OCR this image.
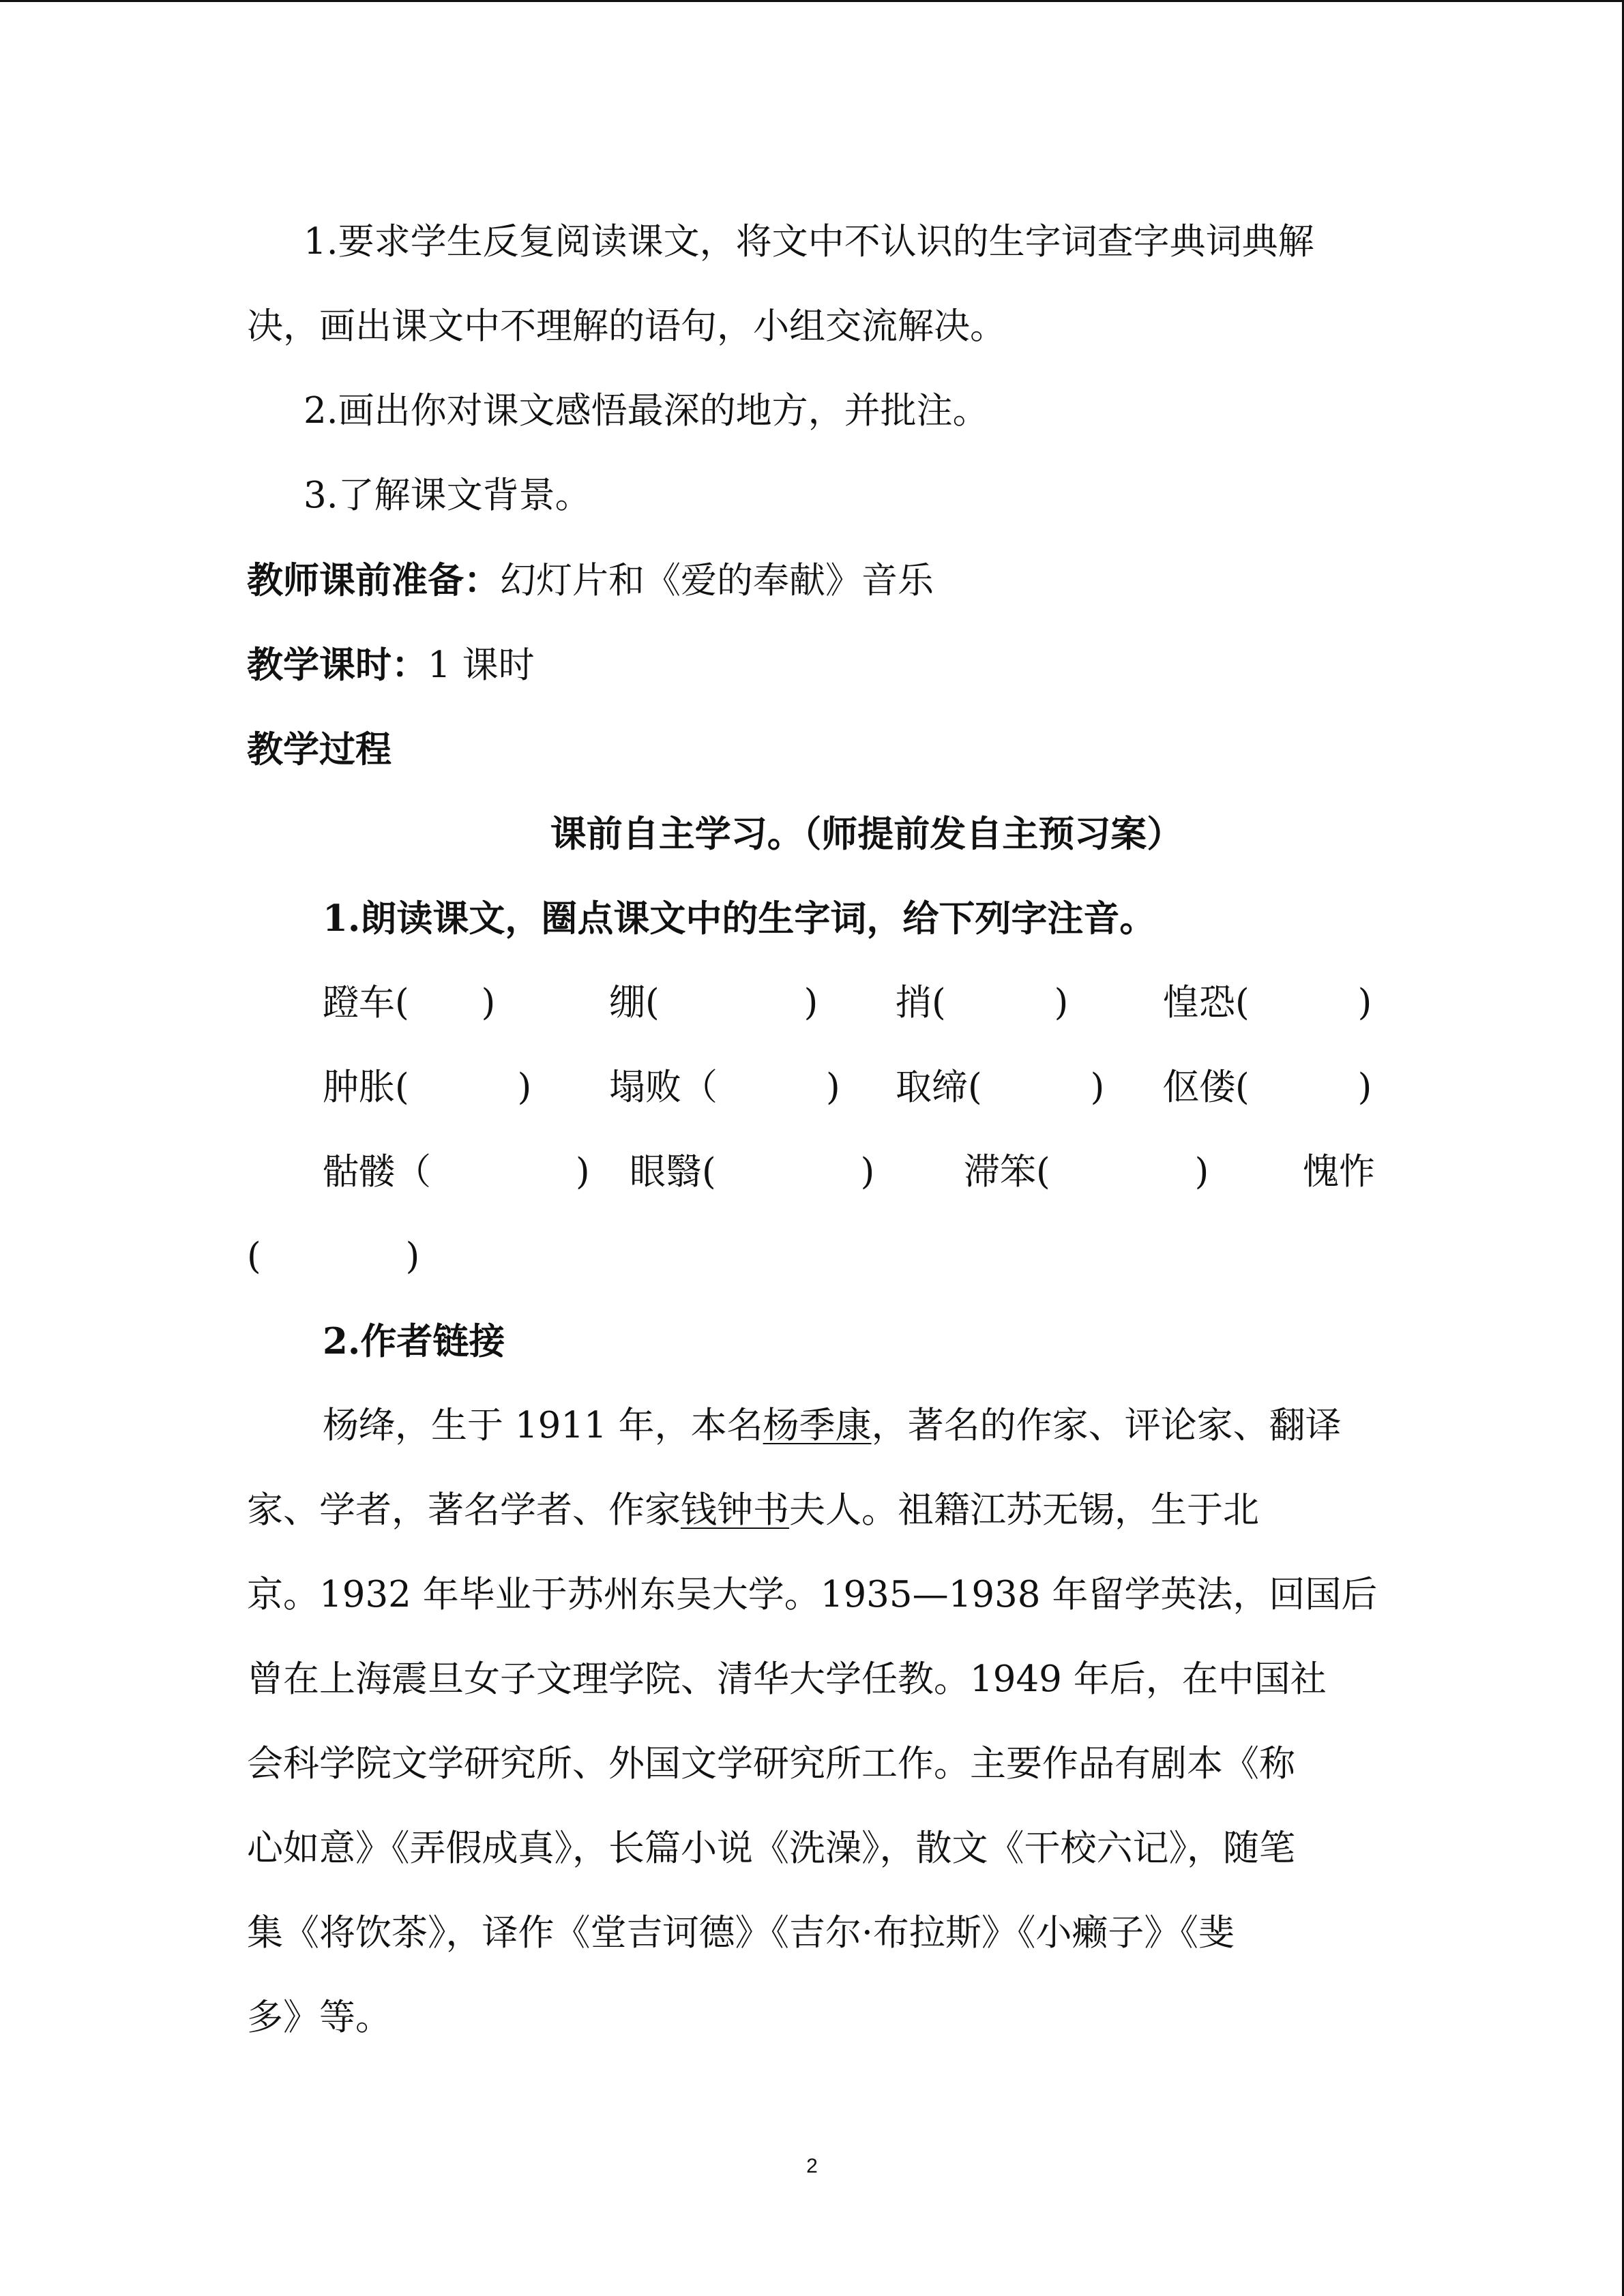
1.要求学生反复阅读课文，将文中不认识的生字词查字典词典解
决，画出课文中不理解的语句，小组交流解决。
2.画出你对课文感悟最深的地方，并批注。
3.了解课文背景。
教师课前准备：幻灯片和《爱的奉献》音乐
教学课时：1 课时
教学过程
课前自主学习。（师提前发自主预习案）
1.朗读课文，圈点课文中的生字词，给下列字注音。
蹬车(　　)	绷(　　　　) 捎(　　　)	惶恐(　　　)
肿胀(　　　) 塌败（　　　) 取缔(　　　) 伛偻(　　　)
骷髅（　　　　) 眼翳(　　　　) 滞笨(　　　　)	愧怍
(　　　　)
2.作者链接
杨绛，生于 1911 年，本名杨季康，著名的作家、评论家、翻译
家、学者，著名学者、作家钱钟书夫人。祖籍江苏无锡，生于北
京。1932 年毕业于苏州东吴大学。1935—1938 年留学英法，回国后
曾在上海震旦女子文理学院、清华大学任教。1949 年后，在中国社
会科学院文学研究所、外国文学研究所工作。主要作品有剧本《称
心如意》《弄假成真》，长篇小说《洗澡》，散文《干校六记》，随笔
集《将饮茶》，译作《堂吉诃德》《吉尔·布拉斯》《小癞子》《斐
多》等。
2
